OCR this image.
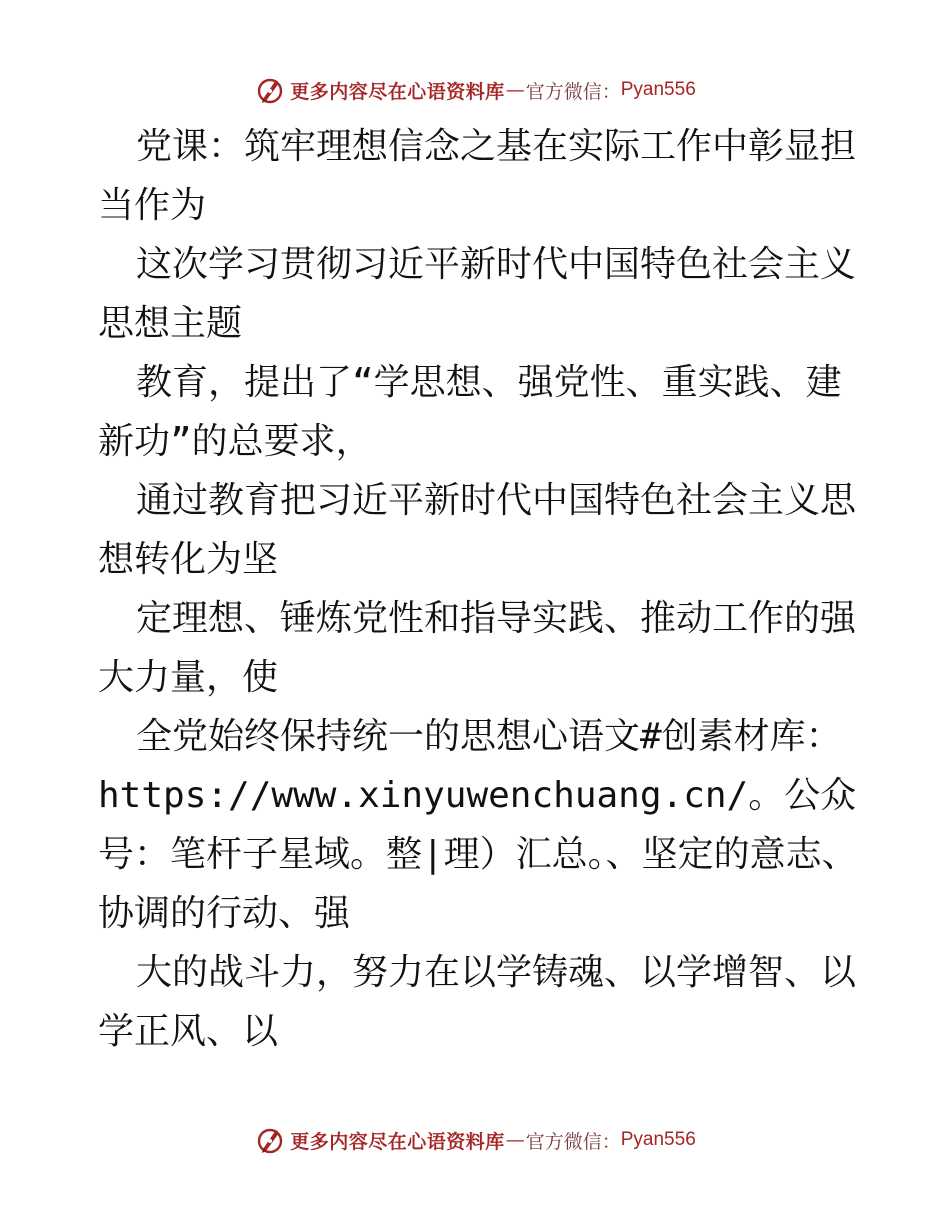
更多内容尽在心语资料库 — 官方微信： Pyan556

党课：筑牢理想信念之基在实际工作中彰显担当作为

这次学习贯彻习近平新时代中国特色社会主义思想主题

教育，提出了“学思想、强党性、重实践、建新功”的总要求，

通过教育把习近平新时代中国特色社会主义思想转化为坚

定理想、锤炼党性和指导实践、推动工作的强大力量，使

全党始终保持统一的思想心语文#创素材库：https://www.xinyuwenchuang.cn/。公众号：笔杆子星域。整|理）汇总。、坚定的意志、协调的行动、强

大的战斗力，努力在以学铸魂、以学增智、以学正风、以

更多内容尽在心语资料库 — 官方微信： Pyan556
